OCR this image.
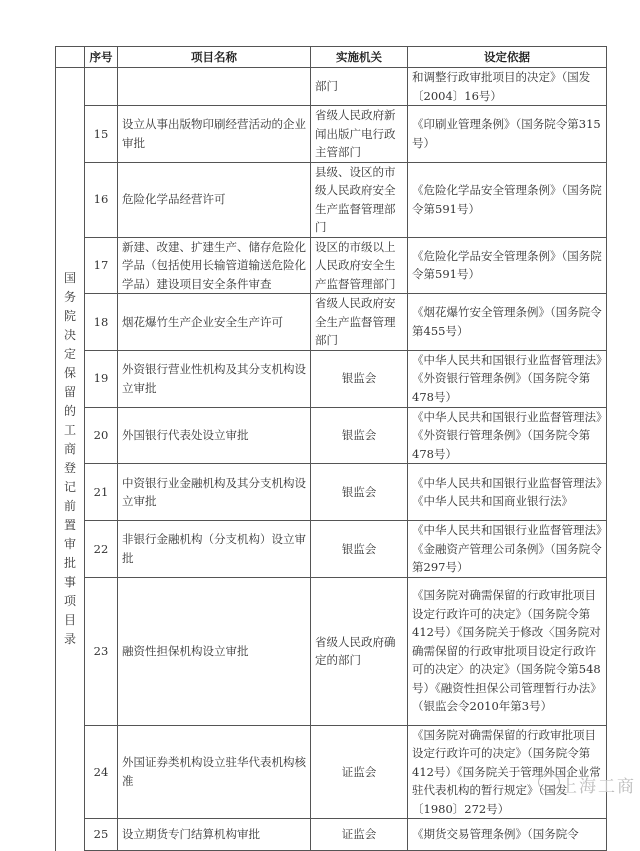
	序号	项目名称	实施机关	设定依据
国务院决定保留的工商登记前置审批事项目录			部门	和调整行政审批项目的决定》（国发〔2004〕16号）
	15	设立从事出版物印刷经营活动的企业审批	省级人民政府新闻出版广电行政主管部门	《印刷业管理条例》（国务院令第315号）
	16	危险化学品经营许可	县级、设区的市级人民政府安全生产监督管理部门	《危险化学品安全管理条例》（国务院令第591号）
	17	新建、改建、扩建生产、储存危险化学品（包括使用长输管道输送危险化学品）建设项目安全条件审查	设区的市级以上人民政府安全生产监督管理部门	《危险化学品安全管理条例》（国务院令第591号）
	18	烟花爆竹生产企业安全生产许可	省级人民政府安全生产监督管理部门	《烟花爆竹安全管理条例》（国务院令第455号）
	19	外资银行营业性机构及其分支机构设立审批	银监会	《中华人民共和国银行业监督管理法》《外资银行管理条例》（国务院令第478号）
	20	外国银行代表处设立审批	银监会	《中华人民共和国银行业监督管理法》《外资银行管理条例》（国务院令第478号）
	21	中资银行业金融机构及其分支机构设立审批	银监会	《中华人民共和国银行业监督管理法》《中华人民共和国商业银行法》
	22	非银行金融机构（分支机构）设立审批	银监会	《中华人民共和国银行业监督管理法》《金融资产管理公司条例》（国务院令第297号）
	23	融资性担保机构设立审批	省级人民政府确定的部门	《国务院对确需保留的行政审批项目设定行政许可的决定》（国务院令第412号）《国务院关于修改〈国务院对确需保留的行政审批项目设定行政许可的决定〉的决定》（国务院令第548号）《融资性担保公司管理暂行办法》（银监会令2010年第3号）
	24	外国证券类机构设立驻华代表机构核准	证监会	《国务院对确需保留的行政审批项目设定行政许可的决定》（国务院令第412号）《国务院关于管理外国企业常驻代表机构的暂行规定》（国发〔1980〕272号）
	25	设立期货专门结算机构审批	证监会	《期货交易管理条例》（国务院令
上海工商
